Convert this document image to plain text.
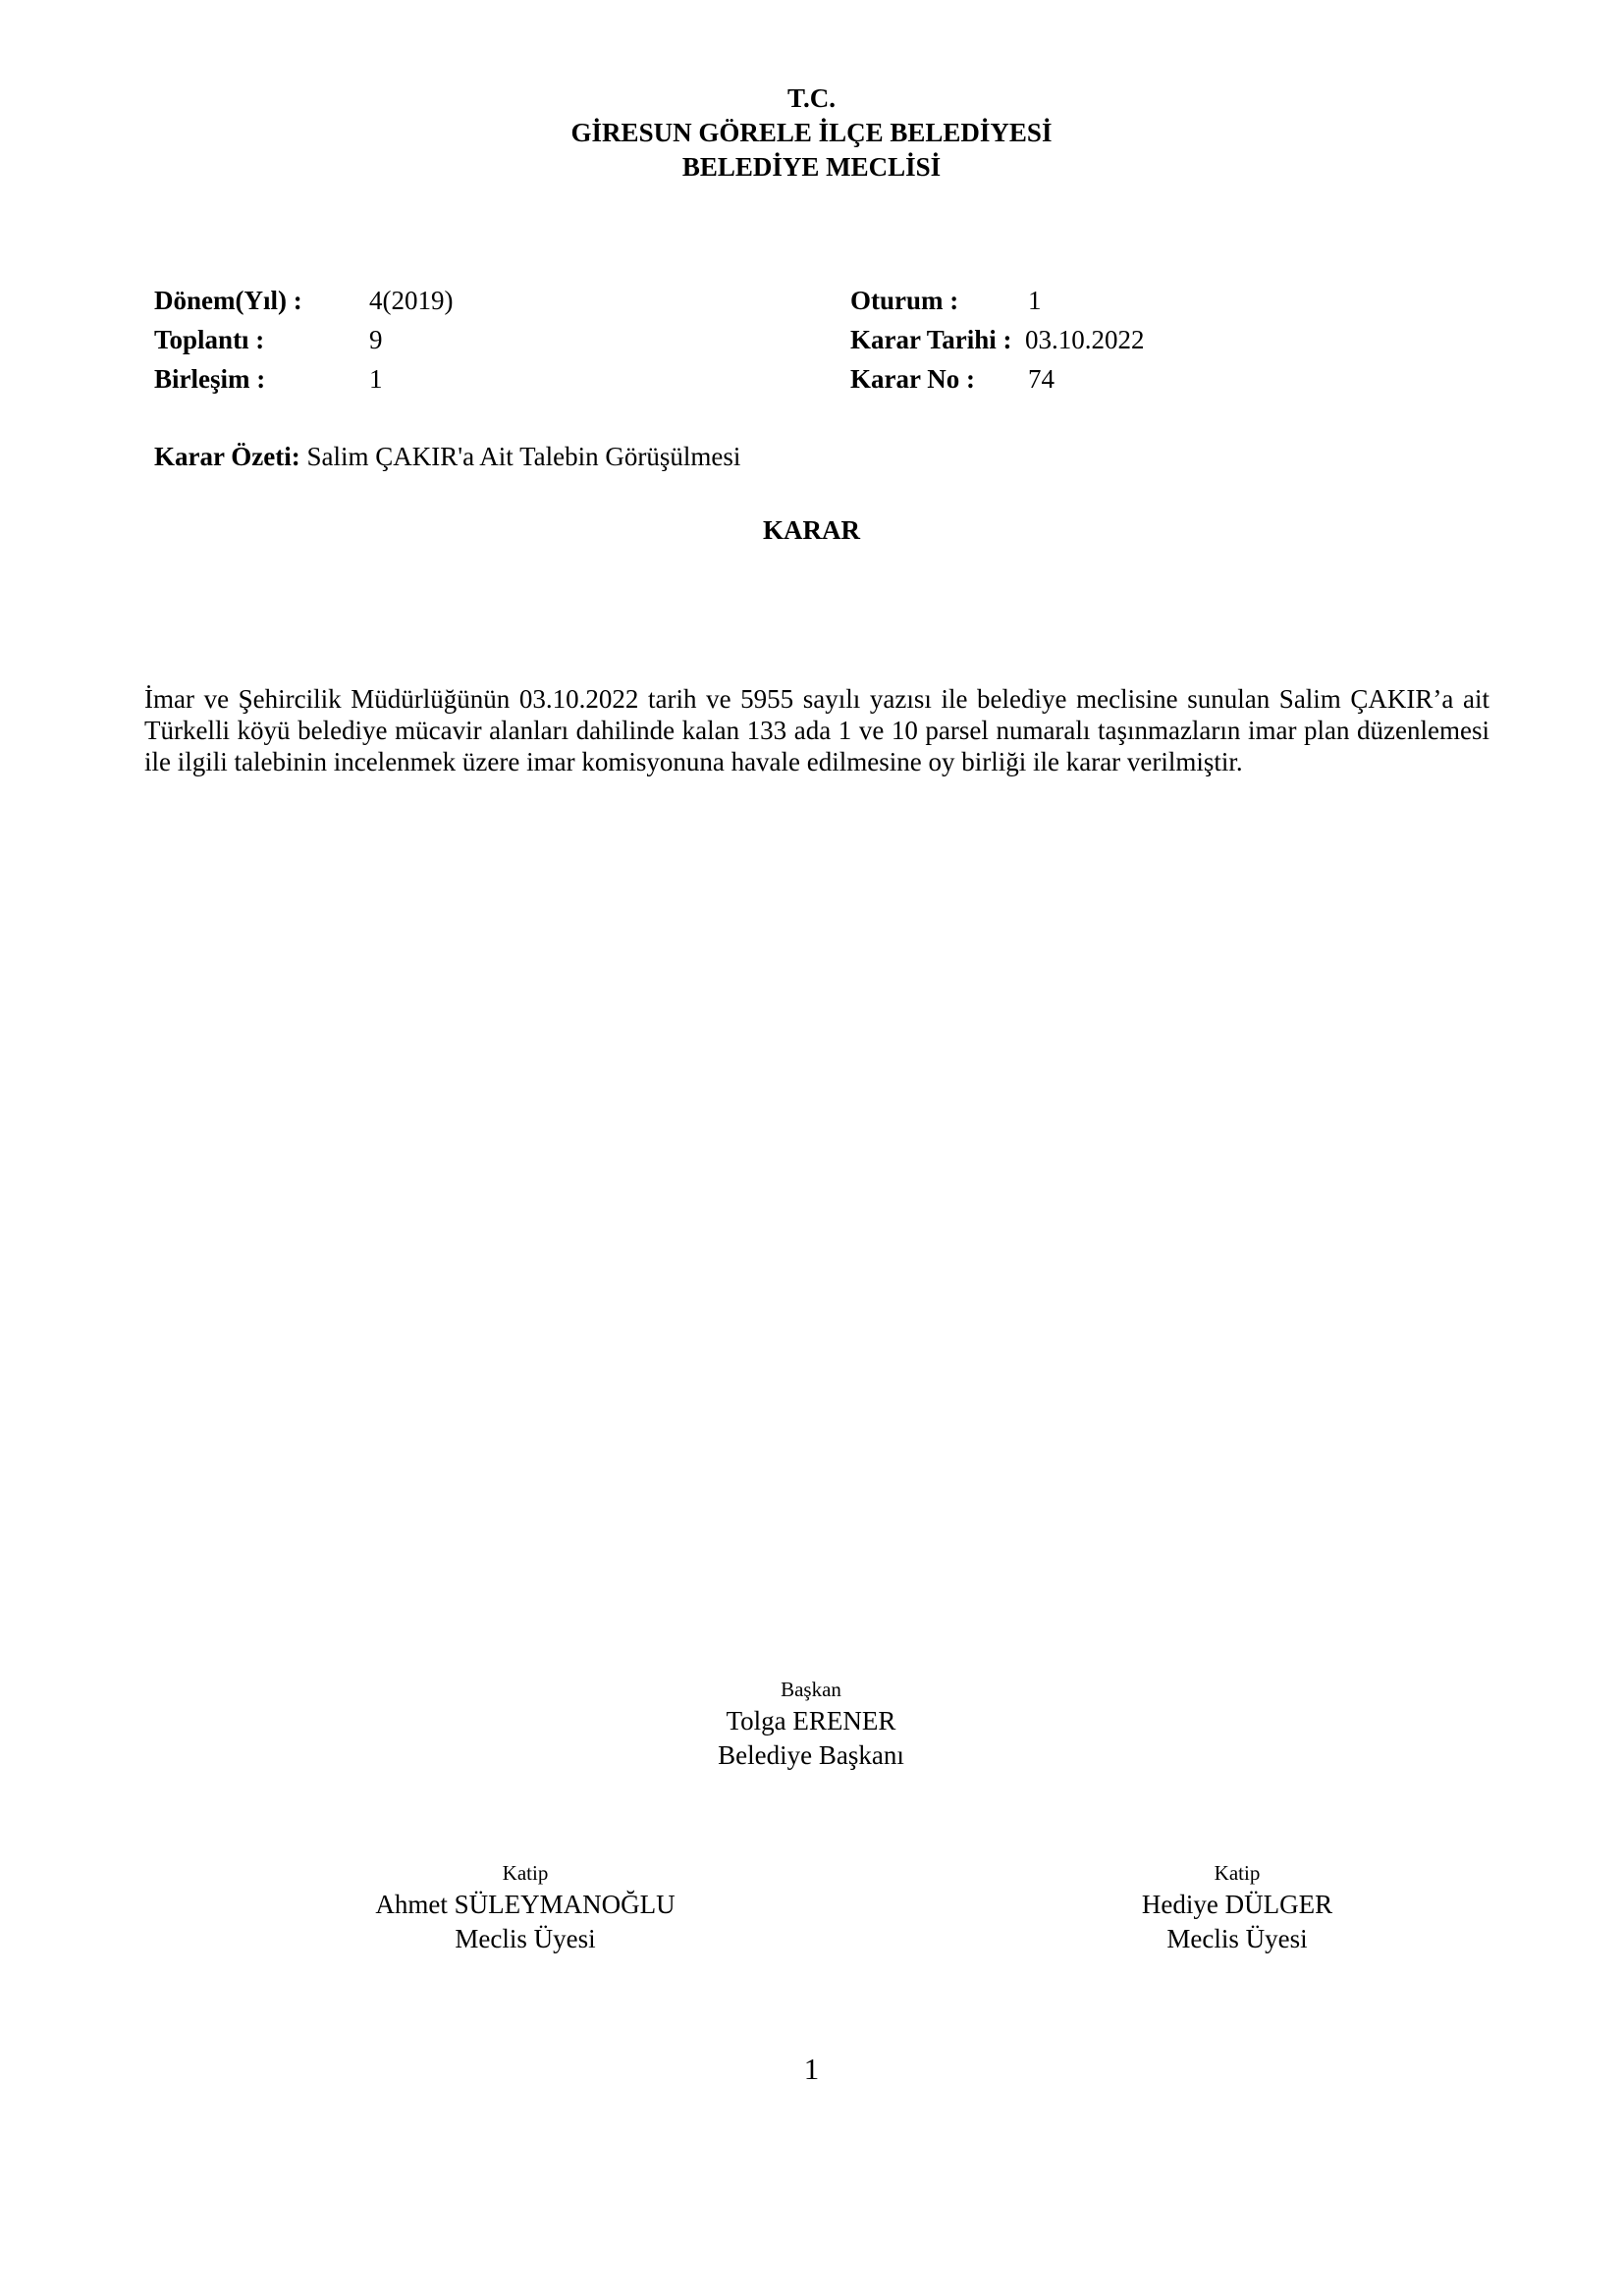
T.C.
GİRESUN GÖRELE İLÇE BELEDİYESİ
BELEDİYE MECLİSİ
Dönem(Yıl) :	4(2019)	Oturum :	1
Toplantı :	9	Karar Tarihi : 03.10.2022
Birleşim :	1	Karar No : 74
Karar Özeti: Salim ÇAKIR'a Ait Talebin Görüşülmesi
KARAR
İmar ve Şehircilik Müdürlüğünün 03.10.2022 tarih ve 5955 sayılı yazısı ile belediye meclisine sunulan Salim ÇAKIR’a ait Türkelli köyü belediye mücavir alanları dahilinde kalan 133 ada 1 ve 10 parsel numaralı taşınmazların imar plan düzenlemesi ile ilgili talebinin incelenmek üzere imar komisyonuna havale edilmesine oy birliği ile karar verilmiştir.
Başkan
Tolga ERENER
Belediye Başkanı
Katip
Ahmet SÜLEYMANOĞLU
Meclis Üyesi
Katip
Hediye DÜLGER
Meclis Üyesi
1
